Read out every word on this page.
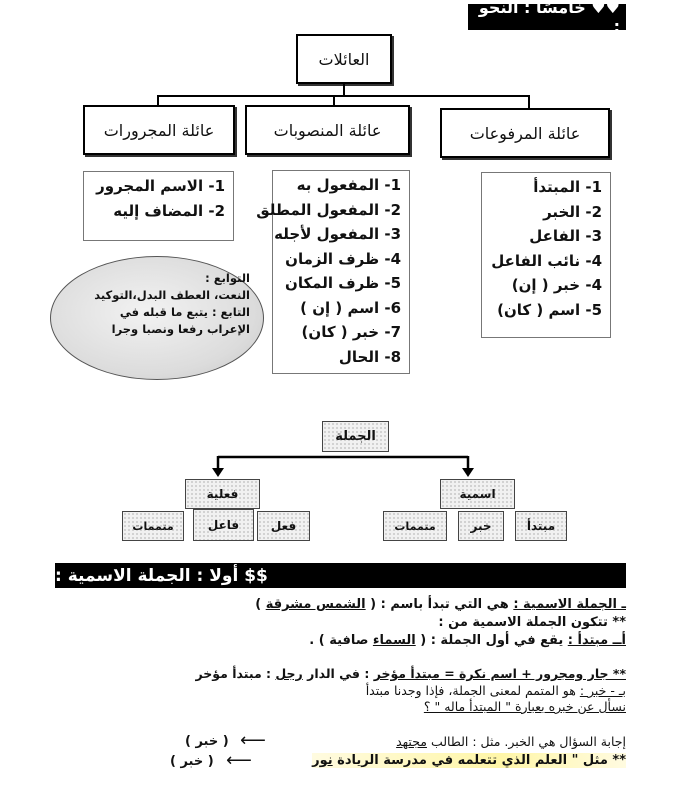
♥♥ خامسًا : النحو :
العائلات
عائلة المرفوعات
عائلة المنصوبات
عائلة المجرورات
1- المبتدأ
2- الخبر
3- الفاعل
4- نائب الفاعل
4- خبر ( إن)
5- اسم ( كان)
1- المفعول به
2- المفعول المطلق
3- المفعول لأجله
4- ظرف الزمان
5- ظرف المكان
6- اسم ( إن )
7- خبر ( كان)
8- الحال
1- الاسم المجرور
2- المضاف إليه
التوابع :
النعت، العطف البدل،التوكيد
التابع : يتبع ما قبله في
الإعراب رفعا ونصبا وجرا
الجملة
فعلية
فعل
فاعل
متممات
اسمية
مبتدأ
خبر
متممات
$$ أولا : الجملة الاسمية :
ـ الجملة الاسمية : هي التي تبدأ باسم : ( الشمس مشرقة )
** تتكون الجملة الاسمية من :
أــ مبتدأ : يقع في أول الجملة : ( السماء صافية ) .
** جار ومجرور + اسم نكرة = مبتدأ مؤخر : في الدار رجل : مبتدأ مؤخر
بـ - خبر : هو المتمم لمعنى الجملة، فإذا وجدنا مبتدأ
نسأل عن خبره بعبارة " المبتدأ ماله " ؟
إجابة السؤال هي الخبر. مثل : الطالب مجتهد
⟵
( خبر )
** مثل " العلم الذي تتعلمه في مدرسة الريادة نور
⟵
( خبر )
